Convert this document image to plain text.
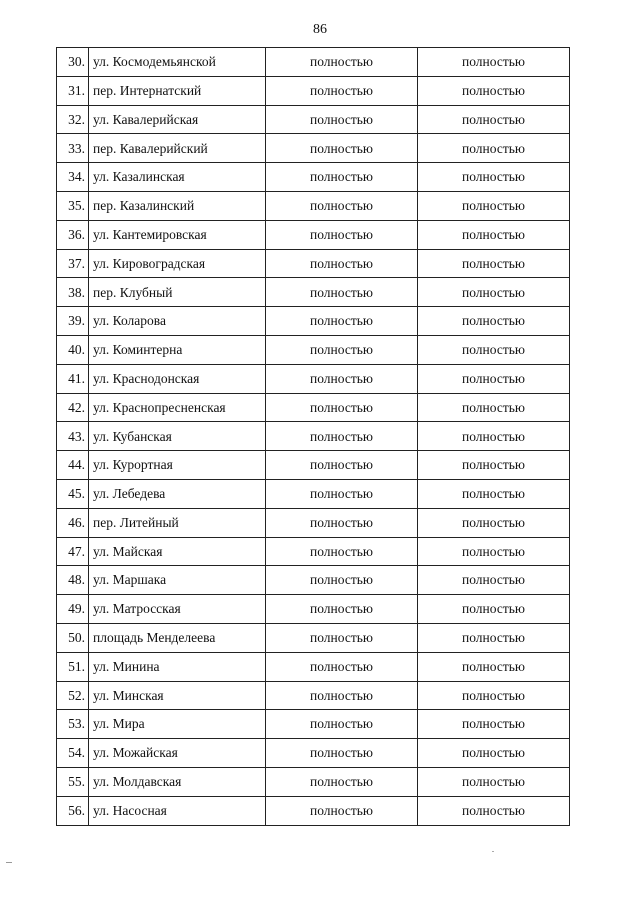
86
30.	ул. Космодемьянской	полностью	полностью
31.	пер. Интернатский	полностью	полностью
32.	ул. Кавалерийская	полностью	полностью
33.	пер. Кавалерийский	полностью	полностью
34.	ул. Казалинская	полностью	полностью
35.	пер. Казалинский	полностью	полностью
36.	ул. Кантемировская	полностью	полностью
37.	ул. Кировоградская	полностью	полностью
38.	пер. Клубный	полностью	полностью
39.	ул. Коларова	полностью	полностью
40.	ул. Коминтерна	полностью	полностью
41.	ул. Краснодонская	полностью	полностью
42.	ул. Краснопресненская	полностью	полностью
43.	ул. Кубанская	полностью	полностью
44.	ул. Курортная	полностью	полностью
45.	ул. Лебедева	полностью	полностью
46.	пер. Литейный	полностью	полностью
47.	ул. Майская	полностью	полностью
48.	ул. Маршака	полностью	полностью
49.	ул. Матросская	полностью	полностью
50.	площадь Менделеева	полностью	полностью
51.	ул. Минина	полностью	полностью
52.	ул. Минская	полностью	полностью
53.	ул. Мира	полностью	полностью
54.	ул. Можайская	полностью	полностью
55.	ул. Молдавская	полностью	полностью
56.	ул. Насосная	полностью	полностью
